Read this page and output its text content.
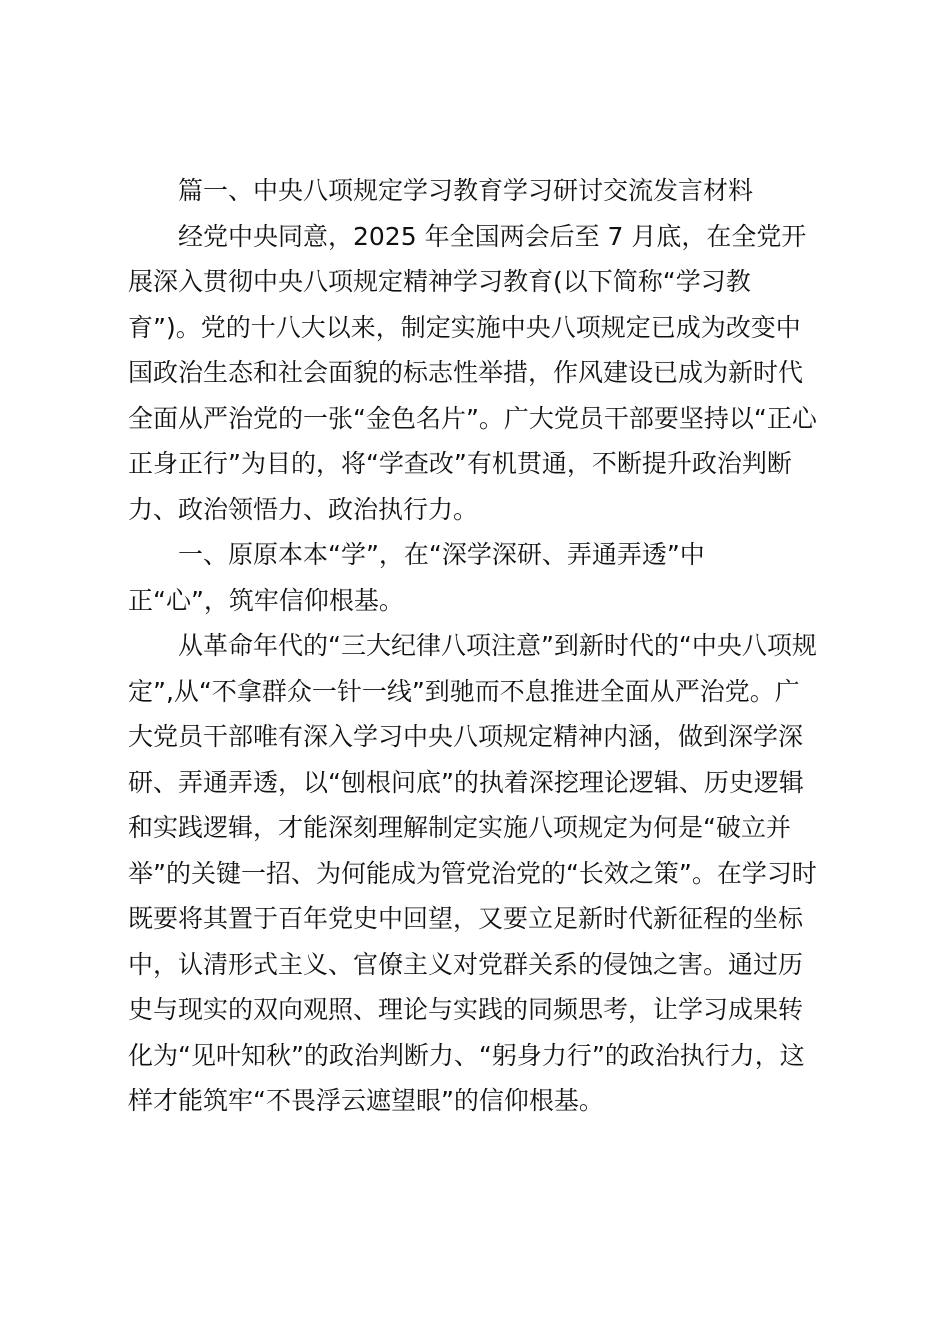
篇一、中央八项规定学习教育学习研讨交流发言材料
经党中央同意，2025 年全国两会后至 7 月底，在全党开
展深入贯彻中央八项规定精神学习教育(以下简称“学习教
育”)。党的十八大以来，制定实施中央八项规定已成为改变中
国政治生态和社会面貌的标志性举措，作风建设已成为新时代
全面从严治党的一张“金色名片”。广大党员干部要坚持以“正心
正身正行”为目的，将“学查改”有机贯通，不断提升政治判断
力、政治领悟力、政治执行力。
一、原原本本“学”，在“深学深研、弄通弄透”中
正“心”，筑牢信仰根基。
从革命年代的“三大纪律八项注意”到新时代的“中央八项规
定”,从“不拿群众一针一线”到驰而不息推进全面从严治党。广
大党员干部唯有深入学习中央八项规定精神内涵，做到深学深
研、弄通弄透，以“刨根问底”的执着深挖理论逻辑、历史逻辑
和实践逻辑，才能深刻理解制定实施八项规定为何是“破立并
举”的关键一招、为何能成为管党治党的“长效之策”。在学习时
既要将其置于百年党史中回望，又要立足新时代新征程的坐标
中，认清形式主义、官僚主义对党群关系的侵蚀之害。通过历
史与现实的双向观照、理论与实践的同频思考，让学习成果转
化为“见叶知秋”的政治判断力、“躬身力行”的政治执行力，这
样才能筑牢“不畏浮云遮望眼”的信仰根基。
